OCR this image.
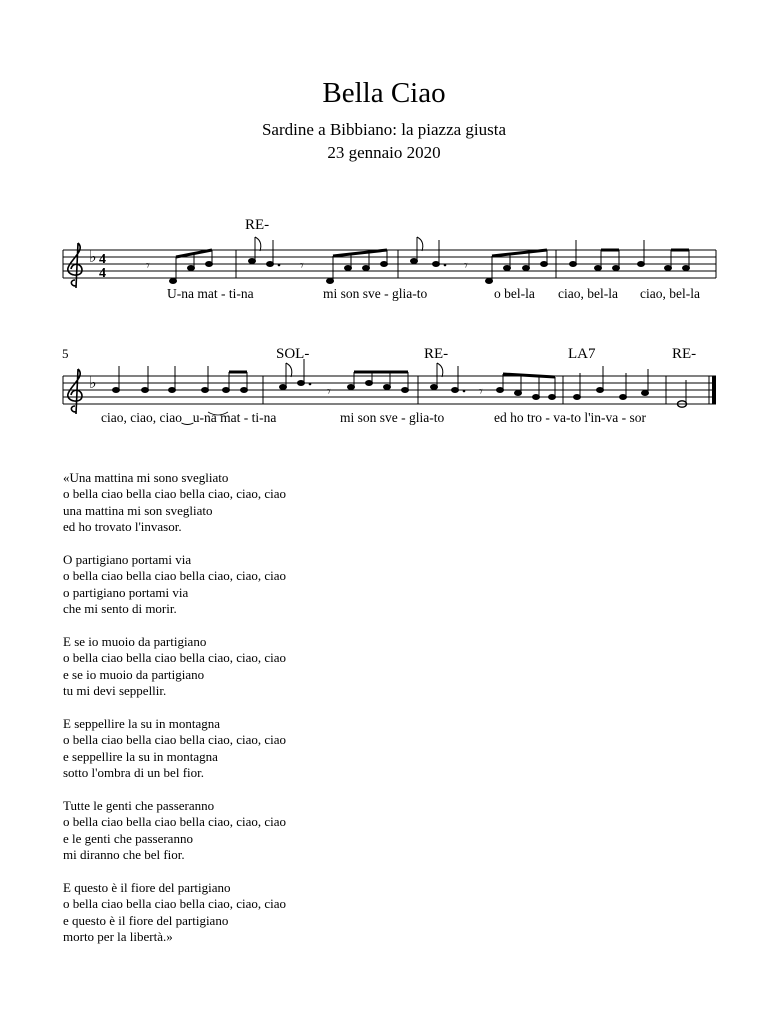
Bella Ciao
Sardine a Bibbiano: la piazza giusta
23 gennaio 2020
♭ 4
4	𝄾	𝄾	𝄾
RE-
U-na mat - ti-na	mi son sve - glia-to	o bel-la ciao, bel-la ciao, bel-la
5
♭
𝄾	𝄾
SOL-	RE-	LA7	RE-
ciao, ciao, ciao‿u-na mat - ti-na	mi son sve - glia-to	ed ho tro - va-to l'in-va - sor
«Una mattina mi sono svegliato
o bella ciao bella ciao bella ciao, ciao, ciao
una mattina mi son svegliato
ed ho trovato l'invasor.
O partigiano portami via
o bella ciao bella ciao bella ciao, ciao, ciao
o partigiano portami via
che mi sento di morir.
E se io muoio da partigiano
o bella ciao bella ciao bella ciao, ciao, ciao
e se io muoio da partigiano
tu mi devi seppellir.
E seppellire la su in montagna
o bella ciao bella ciao bella ciao, ciao, ciao
e seppellire la su in montagna
sotto l'ombra di un bel fior.
Tutte le genti che passeranno
o bella ciao bella ciao bella ciao, ciao, ciao
e le genti che passeranno
mi diranno che bel fior.
E questo è il fiore del partigiano
o bella ciao bella ciao bella ciao, ciao, ciao
e questo è il fiore del partigiano
morto per la libertà.»
